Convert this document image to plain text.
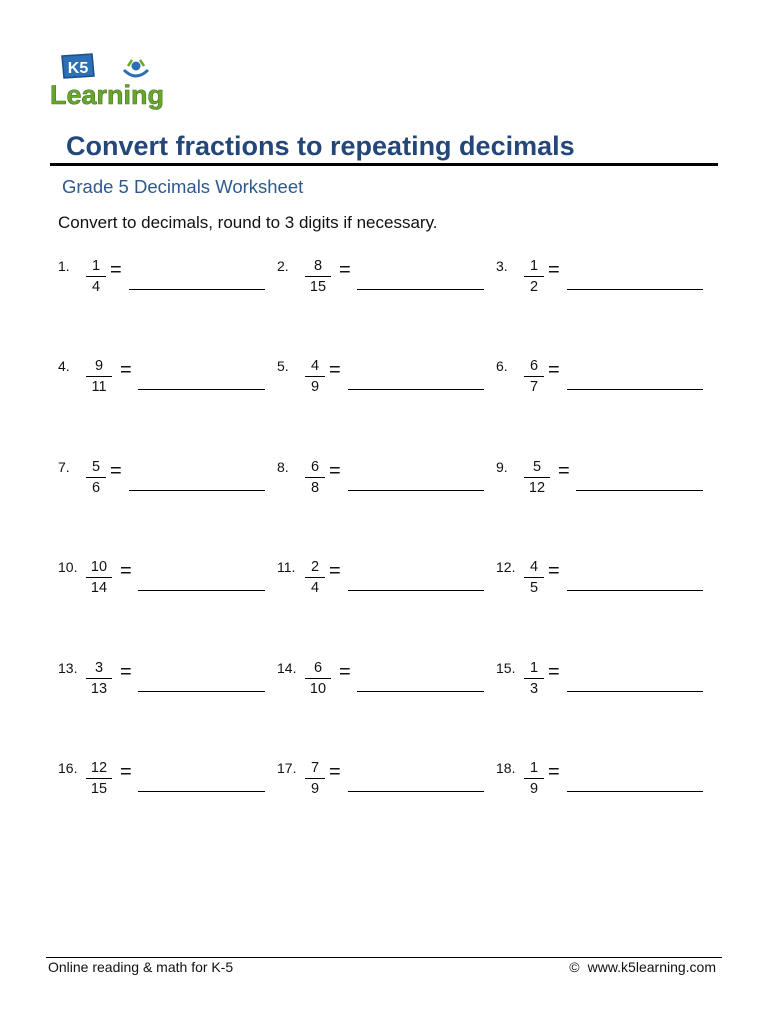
K5
Learning
Convert fractions to repeating decimals
Grade 5 Decimals Worksheet
Convert to decimals, round to 3 digits if necessary.
1.	1
4
=	2.	8
15
=	3.	1
2
=
4.	9
11
=	5.	4
9
=	6.	6
7
=
7.	5
6
=	8.	6
8
=	9.	5
12
=
10. 10
14
=	11.	2
4
=	12. 4
5
=
13.	3
13
=	14.	6
10
=	15. 1
3
=
16. 12
15
=	17. 7
9
=	18. 1
9
=
Online reading & math for K-5	© www.k5learning.com
